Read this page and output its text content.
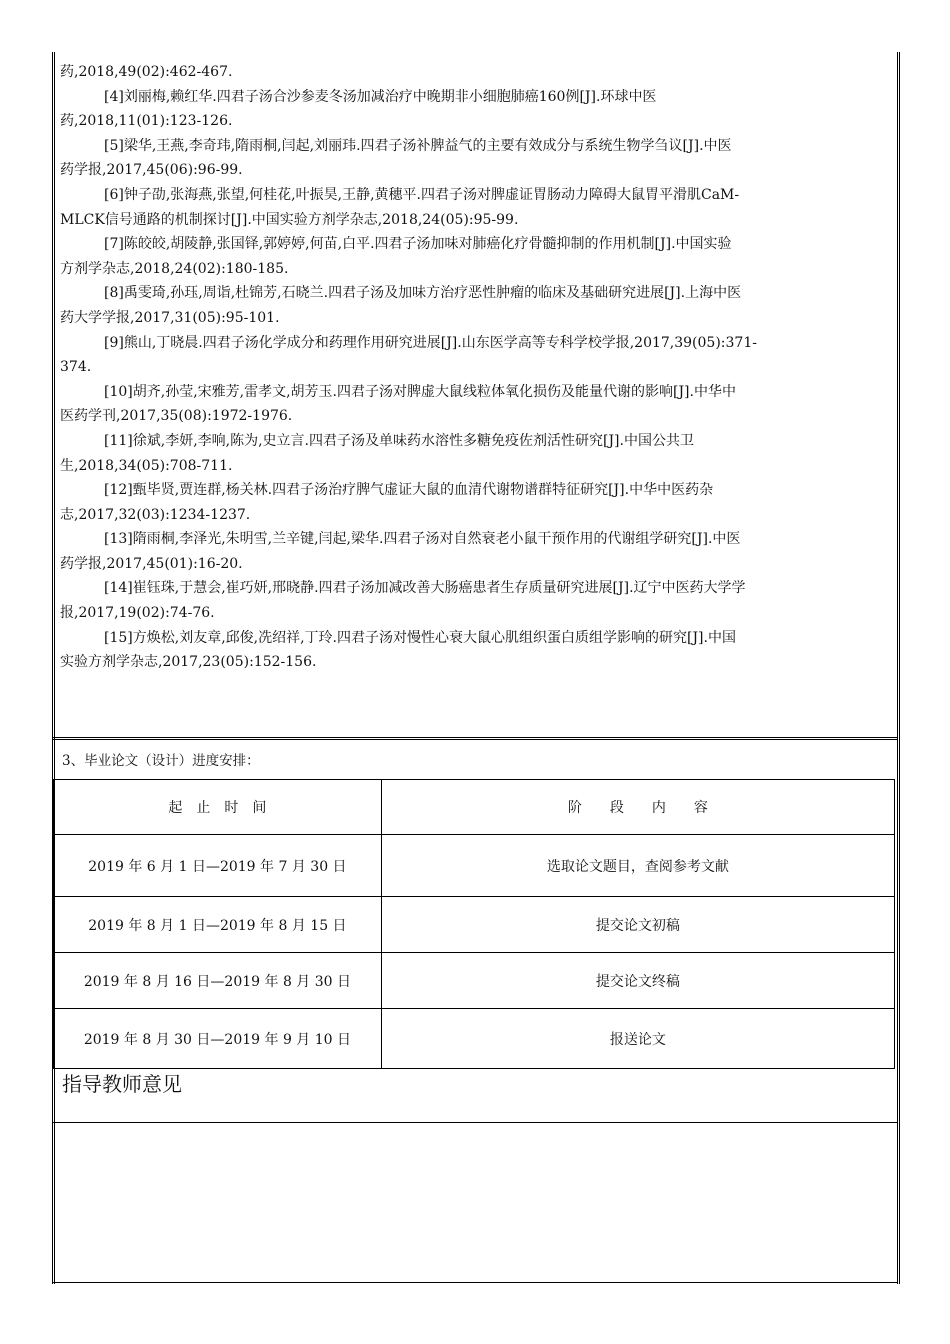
药,2018,49(02):462-467.

[4]刘丽梅,赖红华.四君子汤合沙参麦冬汤加减治疗中晚期非小细胞肺癌160例[J].环球中医

药,2018,11(01):123-126.

[5]梁华,王燕,李奇玮,隋雨桐,闫起,刘丽玮.四君子汤补脾益气的主要有效成分与系统生物学刍议[J].中医

药学报,2017,45(06):96-99.

[6]钟子劭,张海燕,张望,何桂花,叶振昊,王静,黄穗平.四君子汤对脾虚证胃肠动力障碍大鼠胃平滑肌CaM-

MLCK信号通路的机制探讨[J].中国实验方剂学杂志,2018,24(05):95-99.

[7]陈皎皎,胡陵静,张国铎,郭婷婷,何苗,白平.四君子汤加味对肺癌化疗骨髓抑制的作用机制[J].中国实验

方剂学杂志,2018,24(02):180-185.

[8]禹雯琦,孙珏,周诣,杜锦芳,石晓兰.四君子汤及加味方治疗恶性肿瘤的临床及基础研究进展[J].上海中医

药大学学报,2017,31(05):95-101.

[9]熊山,丁晓晨.四君子汤化学成分和药理作用研究进展[J].山东医学高等专科学校学报,2017,39(05):371-

374.

[10]胡齐,孙莹,宋雅芳,雷孝文,胡芳玉.四君子汤对脾虚大鼠线粒体氧化损伤及能量代谢的影响[J].中华中

医药学刊,2017,35(08):1972-1976.

[11]徐斌,李妍,李响,陈为,史立言.四君子汤及单味药水溶性多糖免疫佐剂活性研究[J].中国公共卫

生,2018,34(05):708-711.

[12]甄毕贤,贾连群,杨关林.四君子汤治疗脾气虚证大鼠的血清代谢物谱群特征研究[J].中华中医药杂

志,2017,32(03):1234-1237.

[13]隋雨桐,李泽光,朱明雪,兰辛键,闫起,梁华.四君子汤对自然衰老小鼠干预作用的代谢组学研究[J].中医

药学报,2017,45(01):16-20.

[14]崔钰珠,于慧会,崔巧妍,邢晓静.四君子汤加减改善大肠癌患者生存质量研究进展[J].辽宁中医药大学学

报,2017,19(02):74-76.

[15]方焕松,刘友章,邱俊,冼绍祥,丁玲.四君子汤对慢性心衰大鼠心肌组织蛋白质组学影响的研究[J].中国

实验方剂学杂志,2017,23(05):152-156.

3、毕业论文（设计）进度安排：
起　止　时　间	阶　　段　　内　　容
2019 年 6 月 1 日—2019 年 7 月 30 日	选取论文题目，查阅参考文献
2019 年 8 月 1 日—2019 年 8 月 15 日	提交论文初稿
2019 年 8 月 16 日—2019 年 8 月 30 日	提交论文终稿
2019 年 8 月 30 日—2019 年 9 月 10 日	报送论文
指导教师意见
